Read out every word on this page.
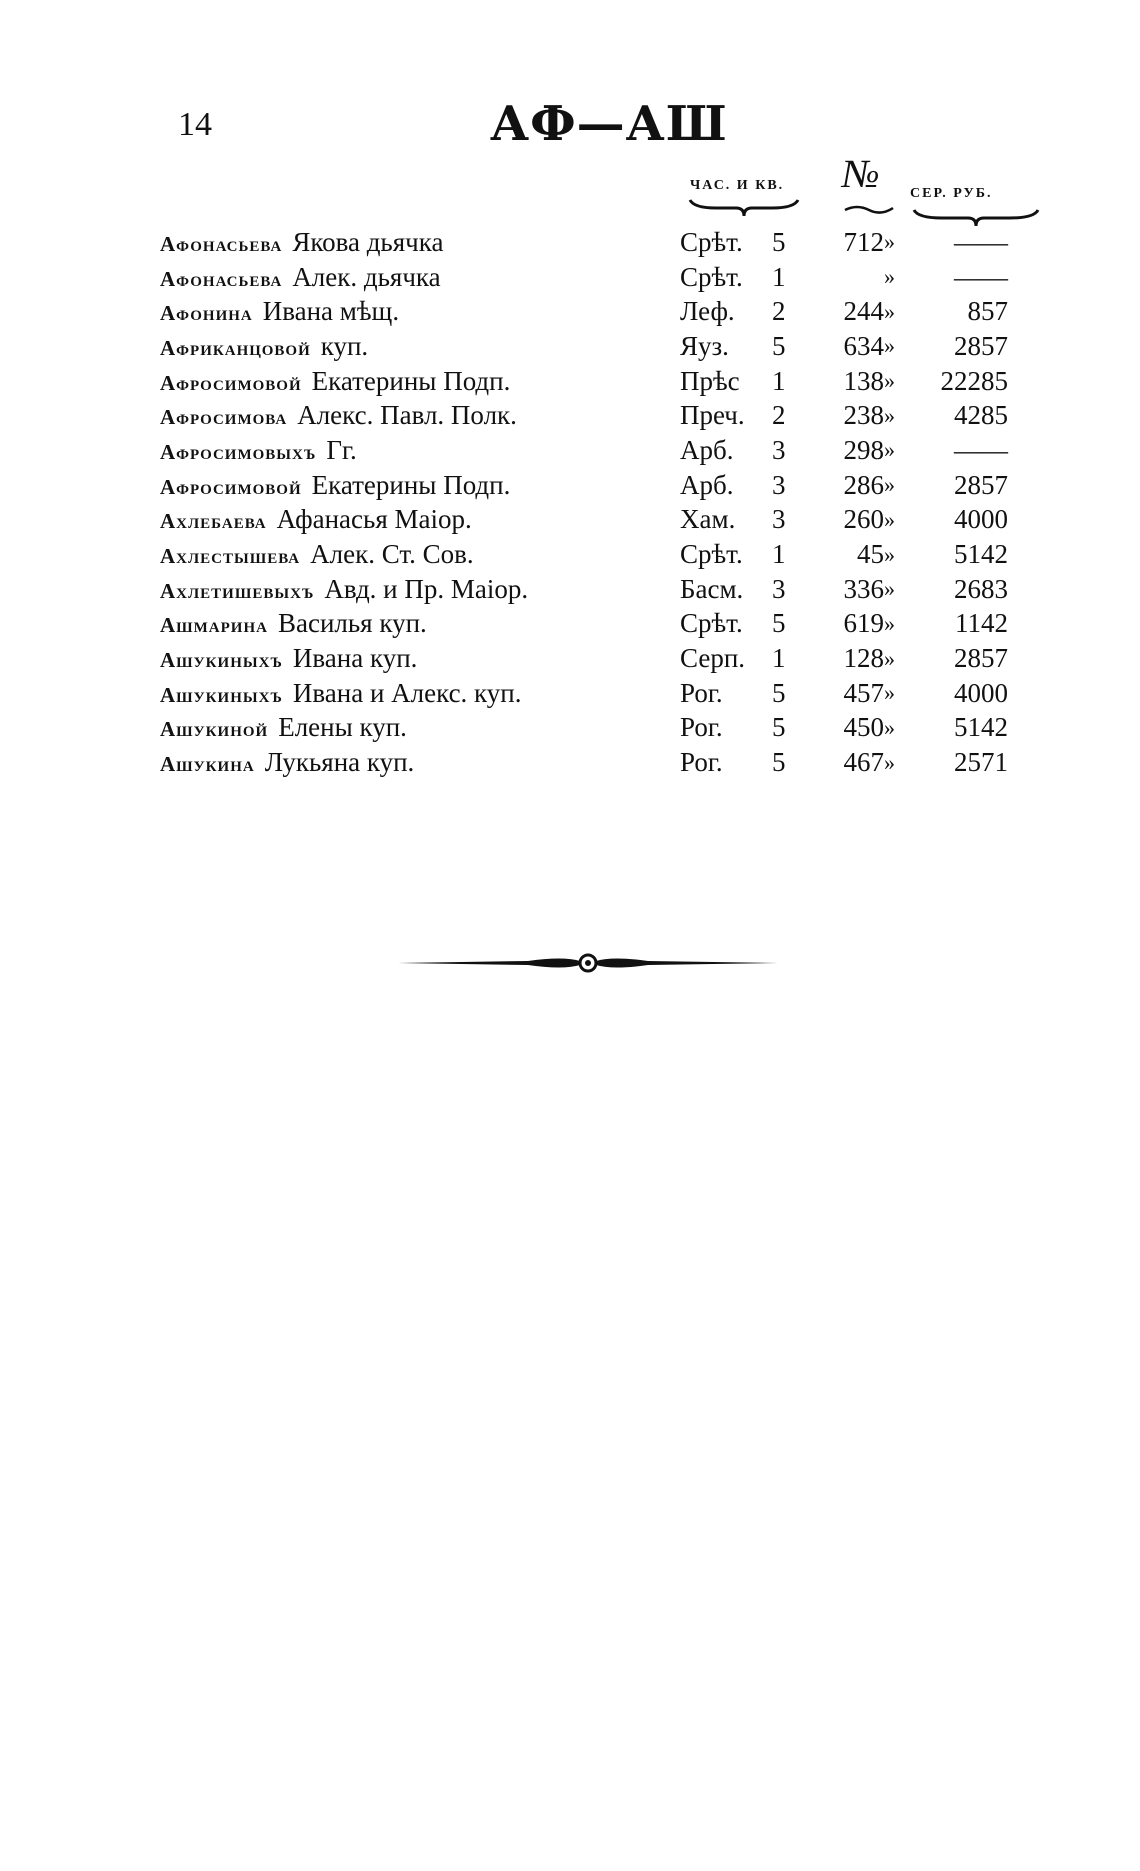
14	АФ—АШ
ЧАС. И КВ. № СЕР. РУБ.
Афонасьева Якова дьячка	Срѣт.	5	712	»	——
Афонасьева Алек. дьячка	Срѣт.	1		»	——
Афонина Ивана мѣщ.	Леф.	2	244	»	857
Африканцовой куп.	Яуз.	5	634	»	2857
Афросимовой Екатерины Подп.	Прѣс	1	138	»	22285
Афросимова Алекс. Павл. Полк.	Преч.	2	238	»	4285
Афросимовыхъ Гг.	Арб.	3	298	»	——
Афросимовой Екатерины Подп.	Арб.	3	286	»	2857
Ахлебаева Афанасья Маіор.	Хам.	3	260	»	4000
Ахлестышева Алек. Ст. Сов.	Срѣт.	1	45	»	5142
Ахлетишевыхъ Авд. и Пр. Маіор.	Басм.	3	336	»	2683
Ашмарина Василья куп.	Срѣт.	5	619	»	1142
Ашукиныхъ Ивана куп.	Серп.	1	128	»	2857
Ашукиныхъ Ивана и Алекс. куп.	Рог.	5	457	»	4000
Ашукиной Елены куп.	Рог.	5	450	»	5142
Ашукина Лукьяна куп.	Рог.	5	467	»	2571
